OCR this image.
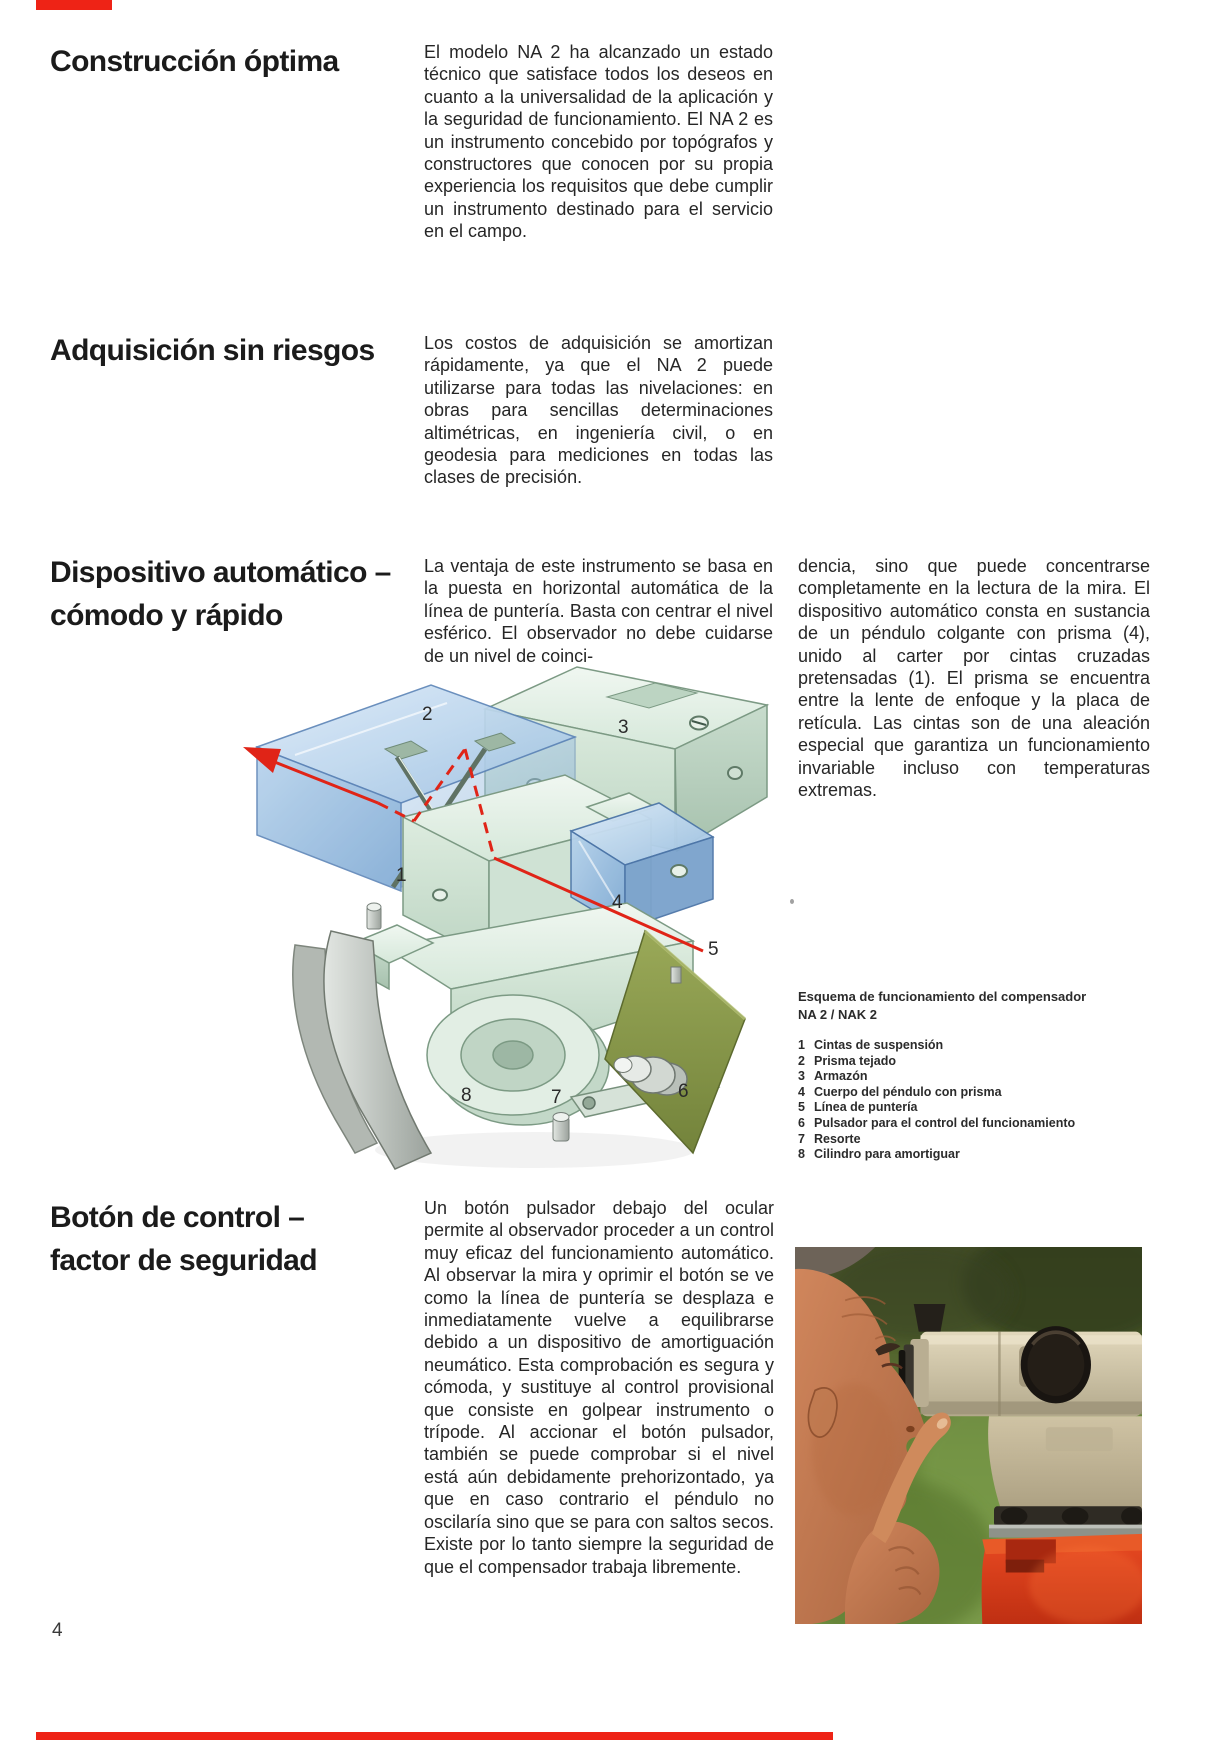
Construcción óptima	El modelo NA 2 ha alcanzado un estado técnico que satisface todos los deseos en cuanto a la universalidad de la aplicación y la seguridad de funcionamiento. El NA 2 es un instrumento concebido por topógrafos y constructores que conocen por su propia experiencia los requisitos que debe cumplir un instrumento destinado para el servicio en el campo.

Adquisición sin riesgos	Los costos de adquisición se amortizan rápidamente, ya que el NA 2 puede utilizarse para todas las nivelaciones: en obras para sencillas determinaciones altimétricas, en ingeniería civil, o en geodesia para mediciones en todas las clases de precisión.

Dispositivo automático –
cómodo y rápido

La ventaja de este instrumento se basa en la puesta en horizontal automática de la línea de puntería. Basta con centrar el nivel esférico. El observador no debe cuidarse de un nivel de coinci-

dencia, sino que puede concentrarse completamente en la lectura de la mira. El dispositivo automático consta en sustancia de un péndulo colgante con prisma (4), unido al carter por cintas cruzadas pretensadas (1). El prisma se encuentra entre la lente de enfoque y la placa de retícula. Las cintas son de una aleación especial que garantiza un funcionamiento invariable incluso con temperaturas extremas.

1
2
3
4
5
6
7
8

Esquema de funcionamiento del compensador
NA 2 / NAK 2

1 Cintas de suspensión
2 Prisma tejado
3 Armazón
4 Cuerpo del péndulo con prisma
5 Línea de puntería
6 Pulsador para el control del funcionamiento
7 Resorte
8 Cilindro para amortiguar
Botón de control –
factor de seguridad

Un botón pulsador debajo del ocular permite al observador proceder a un control muy eficaz del funcionamiento automático. Al observar la mira y oprimir el botón se ve como la línea de puntería se desplaza e inmediatamente vuelve a equilibrarse debido a un dispositivo de amortiguación neumático. Esta comprobación es segura y cómoda, y sustituye al control provisional que consiste en golpear instrumento o trípode. Al accionar el botón pulsador, también se puede comprobar si el nivel está aún debidamente prehorizontado, ya que en caso contrario el péndulo no oscilaría sino que se para con saltos secos. Existe por lo tanto siempre la seguridad de que el compensador trabaja libremente.

4
